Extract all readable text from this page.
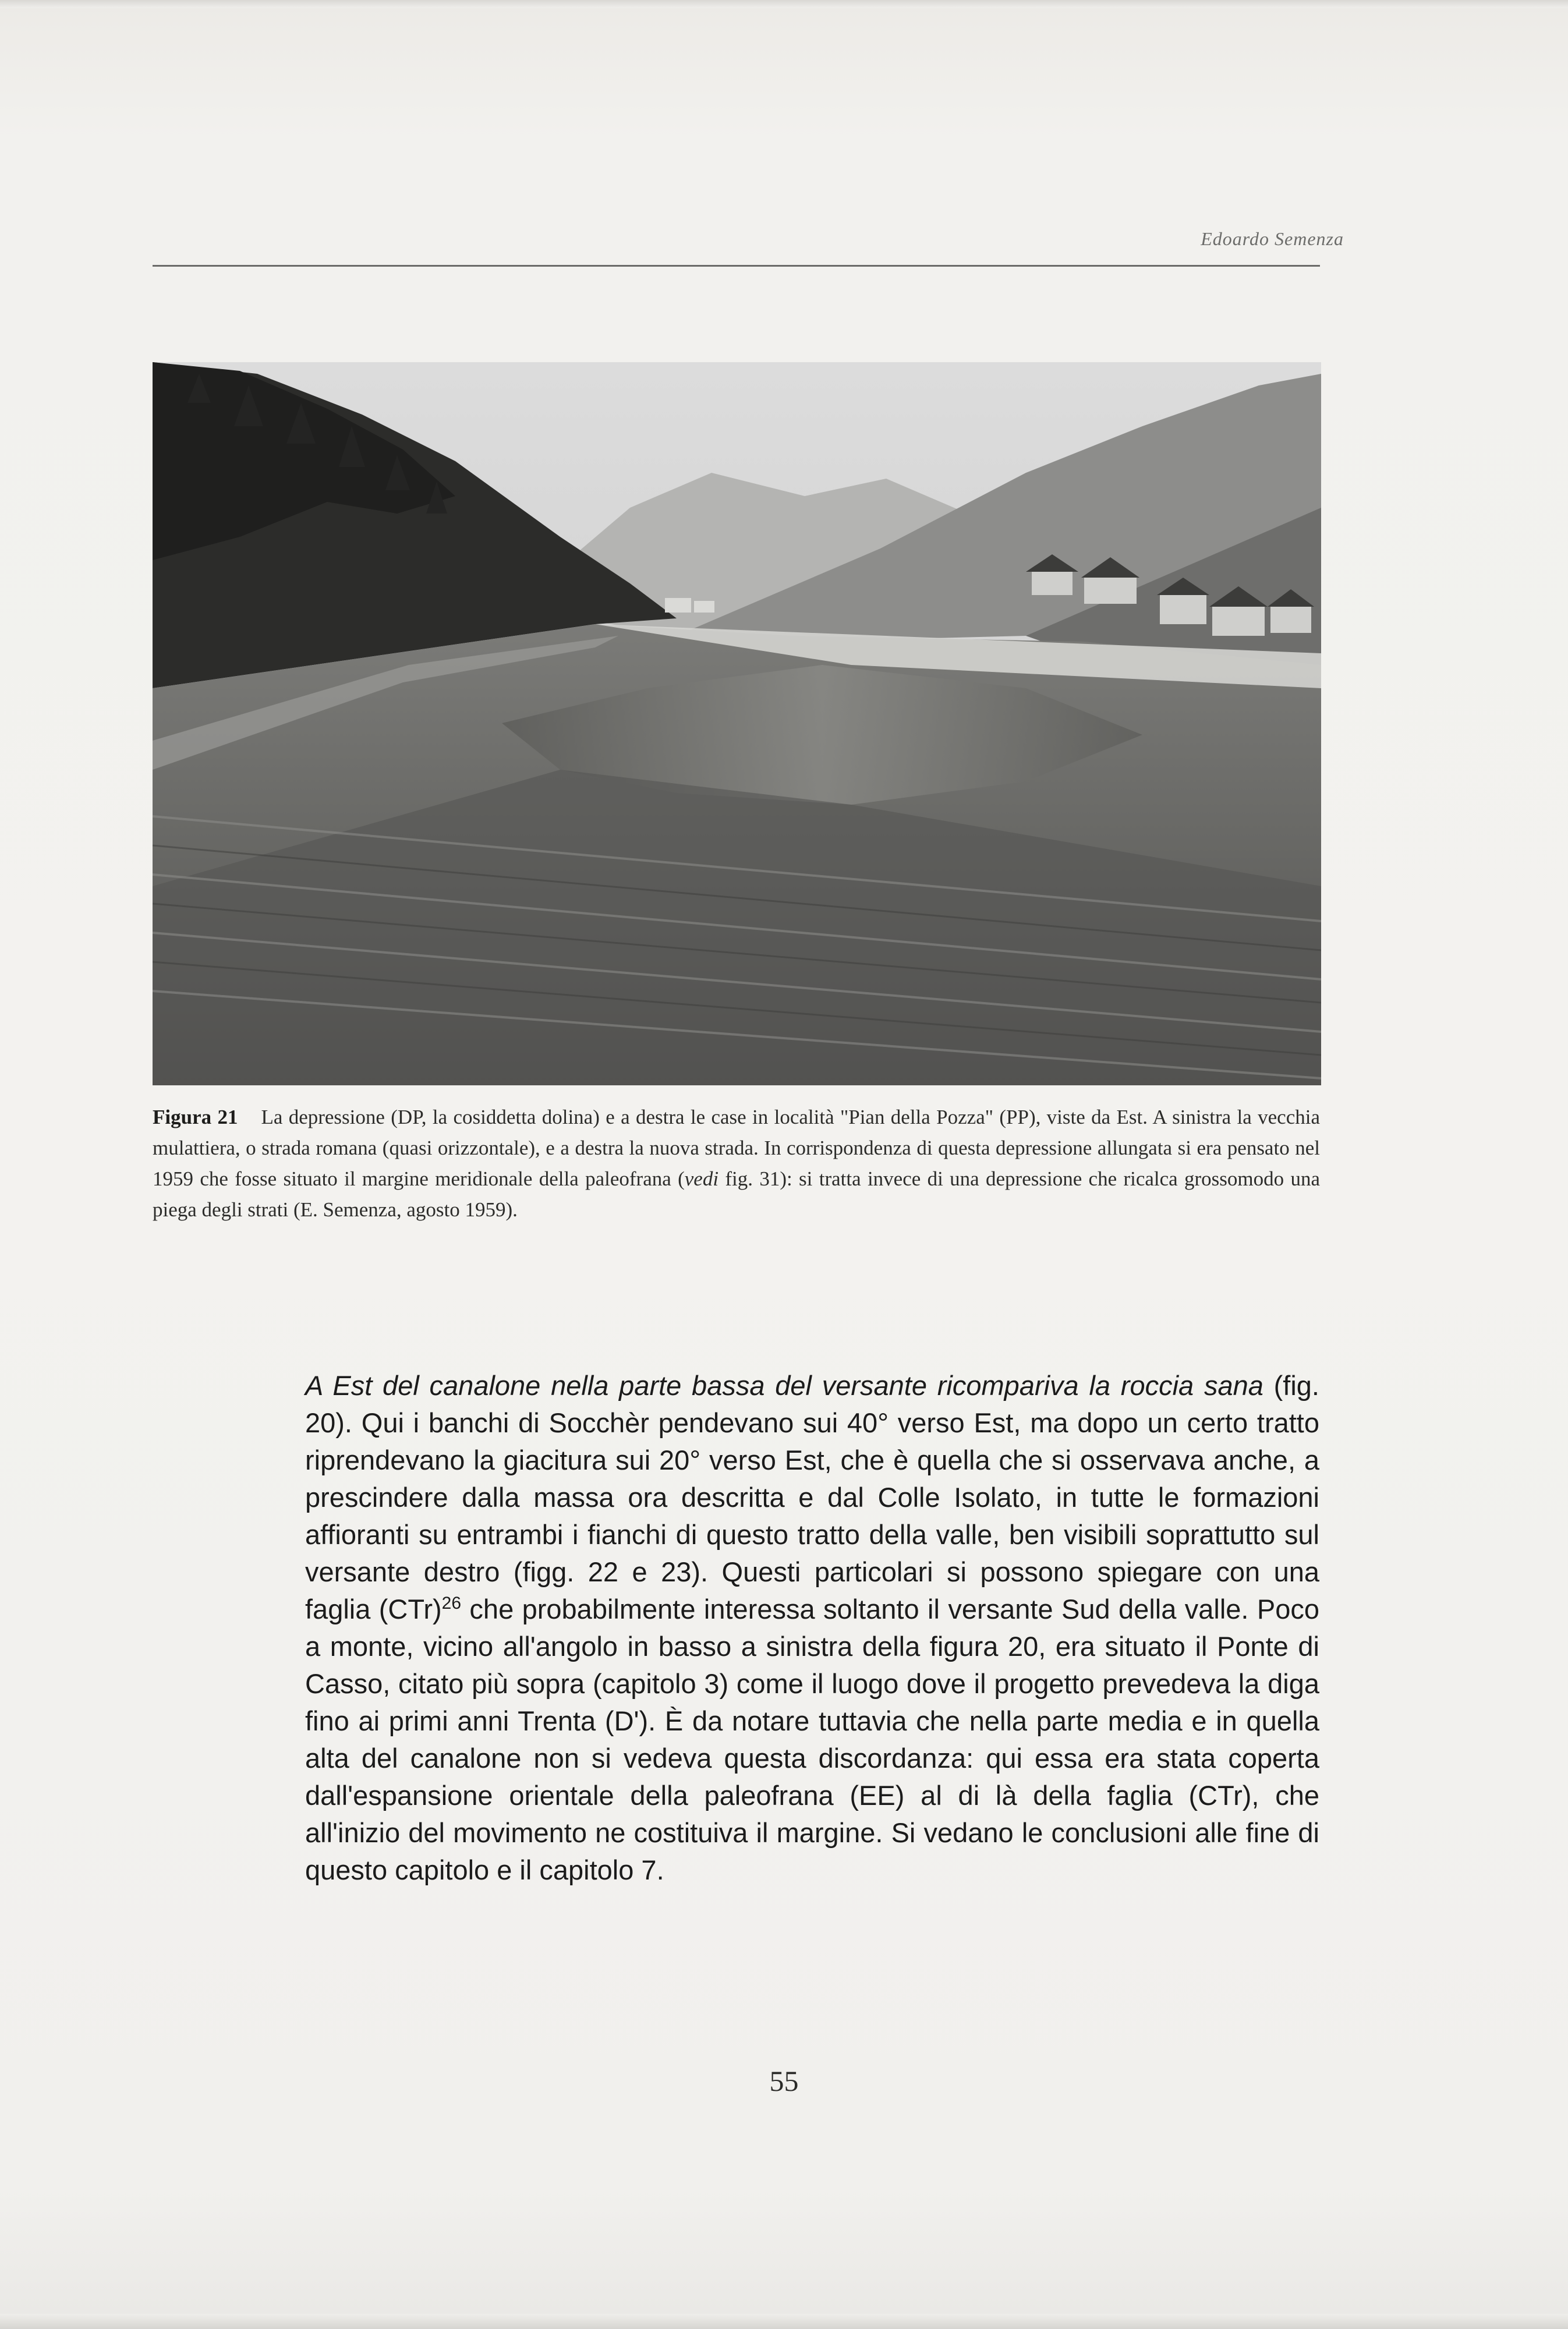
Edoardo Semenza
Figura 21 La depressione (DP, la cosiddetta dolina) e a destra le case in località "Pian della Pozza" (PP), viste da Est. A sinistra la vecchia mulattiera, o strada romana (quasi orizzontale), e a destra la nuova strada. In corrispondenza di questa depressione allungata si era pensato nel 1959 che fosse situato il margine meridionale della paleofrana (vedi fig. 31): si tratta invece di una depressione che ricalca grossomodo una piega degli strati (E. Semenza, agosto 1959).
A Est del canalone nella parte bassa del versante ricompariva la roccia sana (fig. 20). Qui i banchi di Socchèr pendevano sui 40° verso Est, ma dopo un certo tratto riprendevano la giacitura sui 20° verso Est, che è quella che si osservava anche, a prescindere dalla massa ora descritta e dal Colle Isolato, in tutte le formazioni affioranti su entrambi i fianchi di questo tratto della valle, ben visibili soprattutto sul versante destro (figg. 22 e 23). Questi particolari si possono spiegare con una faglia (CTr)$^{26}$ che probabilmente interessa soltanto il versante Sud della valle. Poco a monte, vicino all'angolo in basso a sinistra della figura 20, era situato il Ponte di Casso, citato più sopra (capitolo 3) come il luogo dove il progetto prevedeva la diga fino ai primi anni Trenta (D'). È da notare tuttavia che nella parte media e in quella alta del canalone non si vedeva questa discordanza: qui essa era stata coperta dall'espansione orientale della paleofrana (EE) al di là della faglia (CTr), che all'inizio del movimento ne costituiva il margine. Si vedano le conclusioni alle fine di questo capitolo e il capitolo 7.
55
